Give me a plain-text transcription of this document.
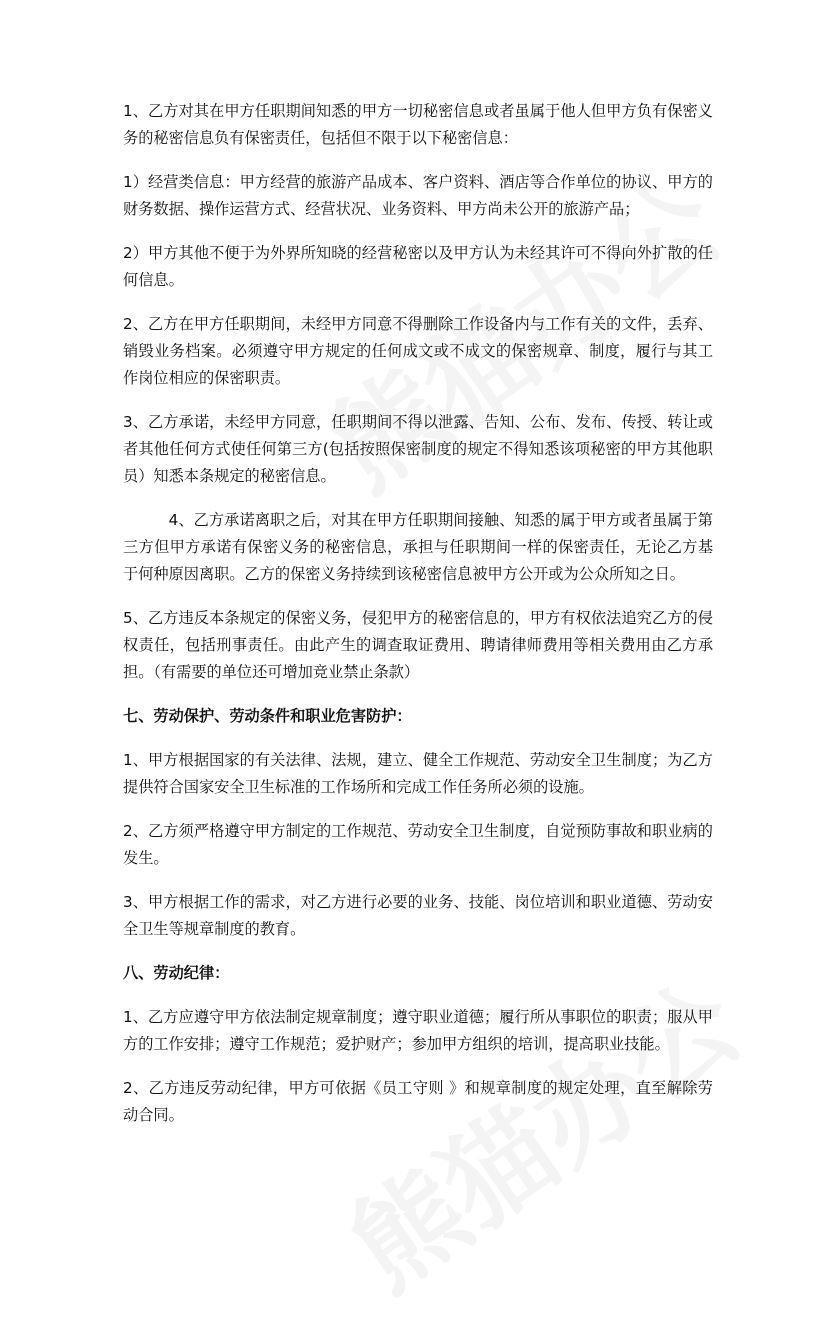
1、乙方对其在甲方任职期间知悉的甲方一切秘密信息或者虽属于他人但甲方负有保密义务的秘密信息负有保密责任，包括但不限于以下秘密信息：

1）经营类信息：甲方经营的旅游产品成本、客户资料、酒店等合作单位的协议、甲方的财务数据、操作运营方式、经营状况、业务资料、甲方尚未公开的旅游产品；

2）甲方其他不便于为外界所知晓的经营秘密以及甲方认为未经其许可不得向外扩散的任何信息。

2、乙方在甲方任职期间，未经甲方同意不得删除工作设备内与工作有关的文件，丢弃、销毁业务档案。必须遵守甲方规定的任何成文或不成文的保密规章、制度，履行与其工作岗位相应的保密职责。

3、乙方承诺，未经甲方同意，任职期间不得以泄露、告知、公布、发布、传授、转让或者其他任何方式使任何第三方(包括按照保密制度的规定不得知悉该项秘密的甲方其他职员）知悉本条规定的秘密信息。

4、乙方承诺离职之后，对其在甲方任职期间接触、知悉的属于甲方或者虽属于第三方但甲方承诺有保密义务的秘密信息，承担与任职期间一样的保密责任，无论乙方基于何种原因离职。乙方的保密义务持续到该秘密信息被甲方公开或为公众所知之日。

5、乙方违反本条规定的保密义务，侵犯甲方的秘密信息的，甲方有权依法追究乙方的侵权责任，包括刑事责任。由此产生的调查取证费用、聘请律师费用等相关费用由乙方承担。（有需要的单位还可增加竞业禁止条款）

七、劳动保护、劳动条件和职业危害防护：

1、甲方根据国家的有关法律、法规，建立、健全工作规范、劳动安全卫生制度；为乙方提供符合国家安全卫生标准的工作场所和完成工作任务所必须的设施。

2、乙方须严格遵守甲方制定的工作规范、劳动安全卫生制度，自觉预防事故和职业病的发生。

3、甲方根据工作的需求，对乙方进行必要的业务、技能、岗位培训和职业道德、劳动安全卫生等规章制度的教育。

八、劳动纪律：

1、乙方应遵守甲方依法制定规章制度；遵守职业道德；履行所从事职位的职责；服从甲方的工作安排；遵守工作规范；爱护财产；参加甲方组织的培训，提高职业技能。

2、乙方违反劳动纪律，甲方可依据《员工守则 》和规章制度的规定处理，直至解除劳动合同。
